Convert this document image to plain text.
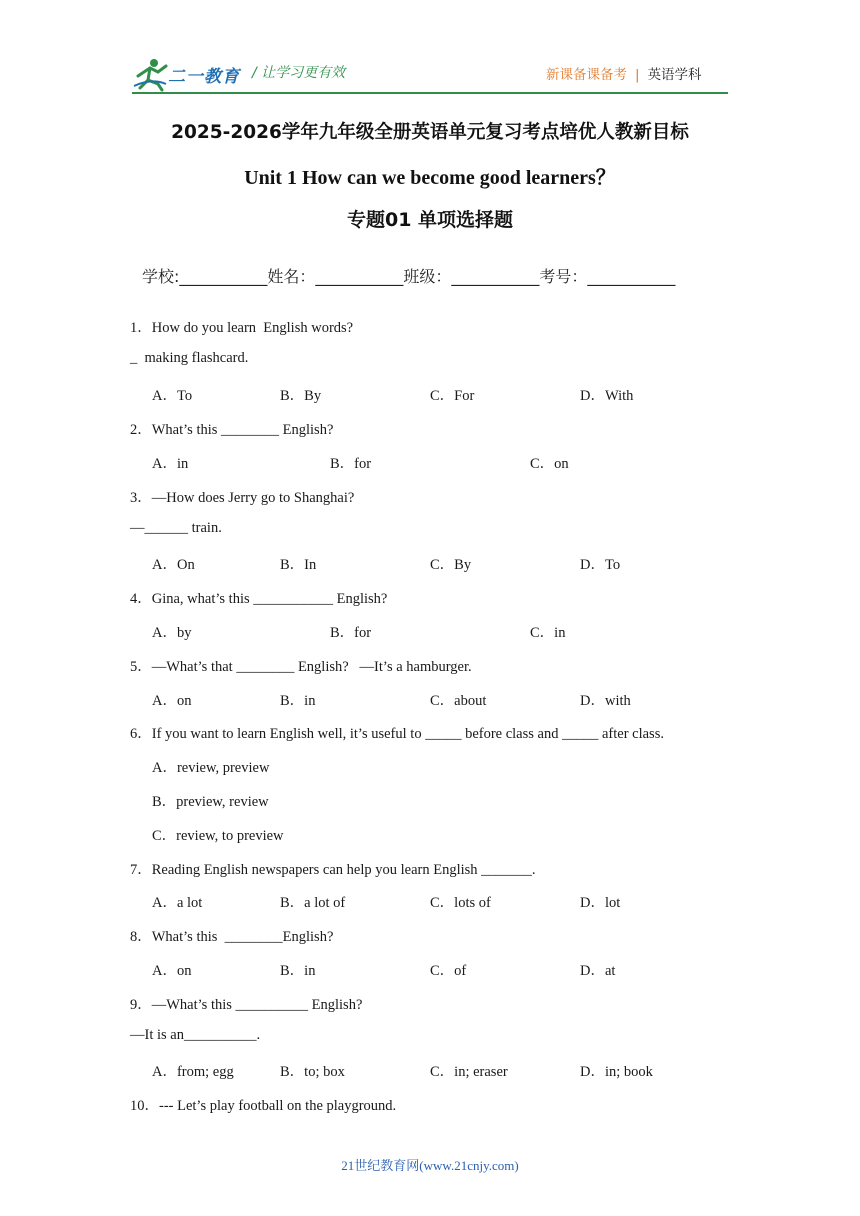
二一教育 / 让学习更有效	新课备课备考 | 英语学科
2025-2026学年九年级全册英语单元复习考点培优人教新目标
Unit 1 How can we become good learners？
专题01 单项选择题
学校:___________姓名：___________班级：___________考号：___________
1．How do you learn  English words?
_  making flashcard.
A．To	B．By	C．For	D．With
2．What’s this ________ English?
A．in	B．for	C．on
3．—How does Jerry go to Shanghai?
—______ train.
A．On	B．In	C．By	D．To
4．Gina, what’s this ___________ English?
A．by	B．for	C．in
5．—What’s that ________ English?   —It’s a hamburger.
A．on	B．in	C．about	D．with
6．If you want to learn English well, it’s useful to _____ before class and _____ after class.
A．review, preview
B．preview, review
C．review, to preview
7．Reading English newspapers can help you learn English _______.
A．a lot	B．a lot of	C．lots of	D．lot
8．What’s this  ________English?
A．on	B．in	C．of	D．at
9．—What’s this __________ English?
—It is an__________.
A．from; egg	B．to; box	C．in; eraser	D．in; book
10．--- Let’s play football on the playground.
21世纪教育网(www.21cnjy.com)
